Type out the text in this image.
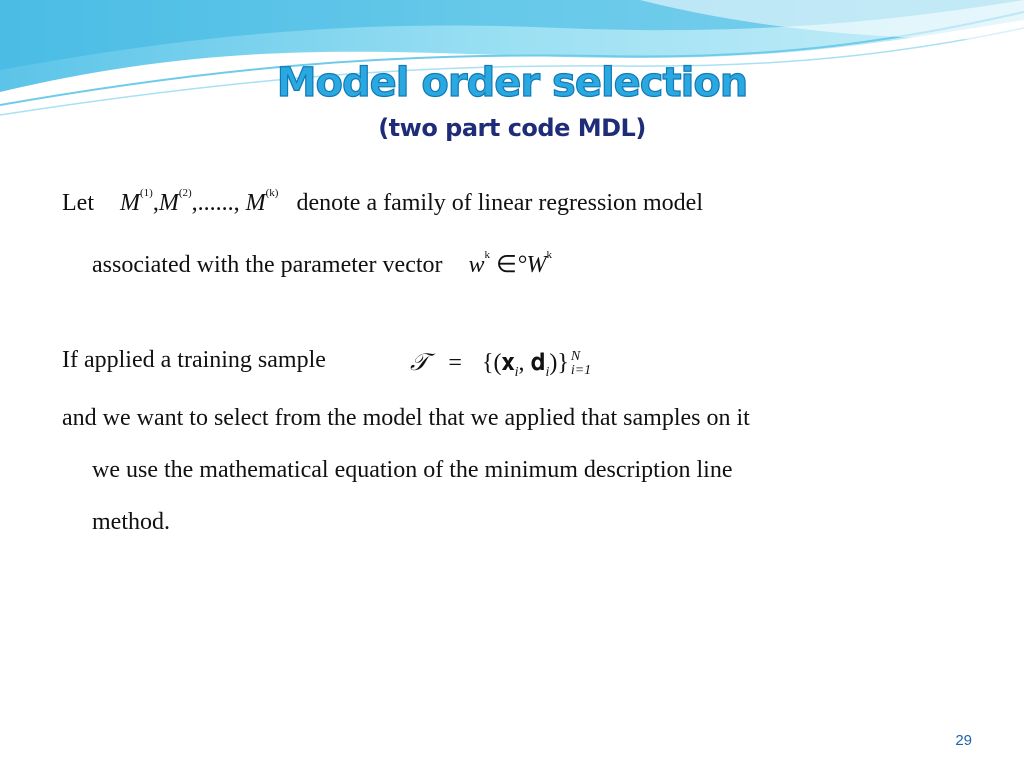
Model order selection
(two part code MDL)
Let $M^{(1)},M^{(2)}$,......, $M^{(k)}$ denote a family of linear regression model
associated with the parameter vector $w^k$ $\in^\circ W^k$
If applied a training sample	𝒯 = {(𝐱$_i$, 𝐝$_i$)} N
i=1
and we want to select from the model that we applied that samples on it
we use the mathematical equation of the minimum description line
method.
29
